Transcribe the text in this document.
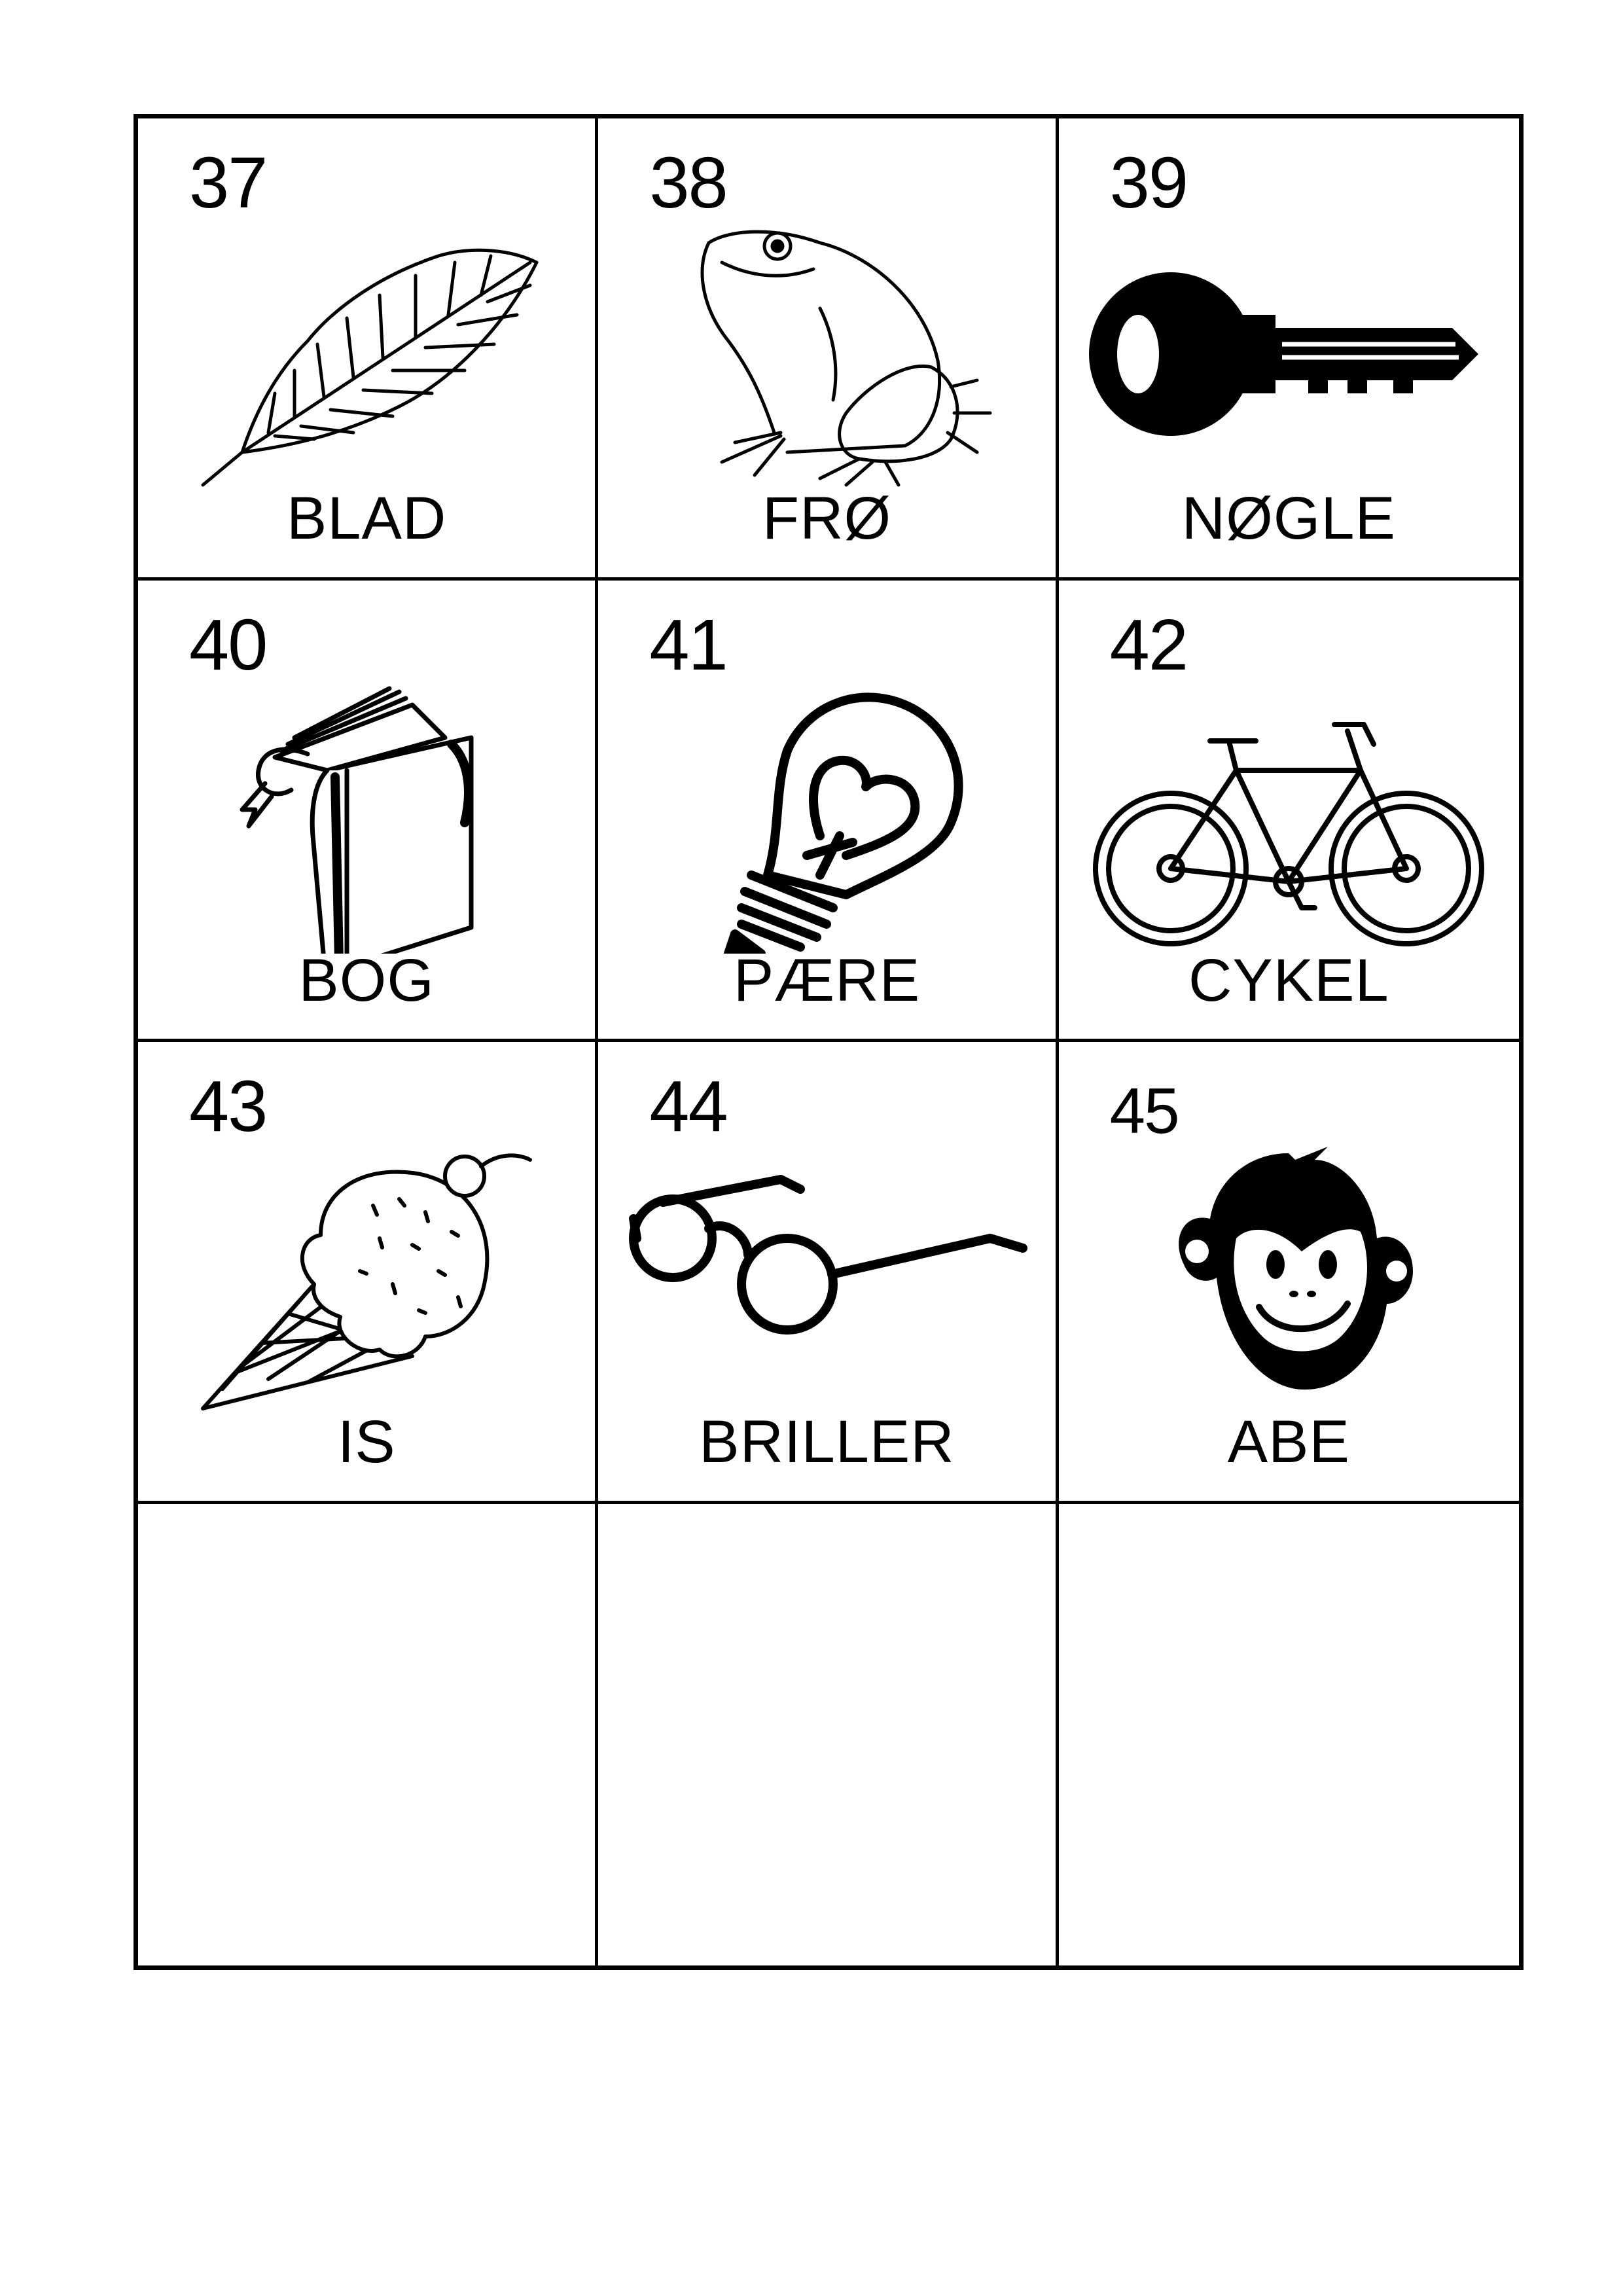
37
BLAD
38
FRØ
39
NØGLE
40
BOG
41
PÆRE
42
CYKEL
43
IS
44
BRILLER
45
ABE
